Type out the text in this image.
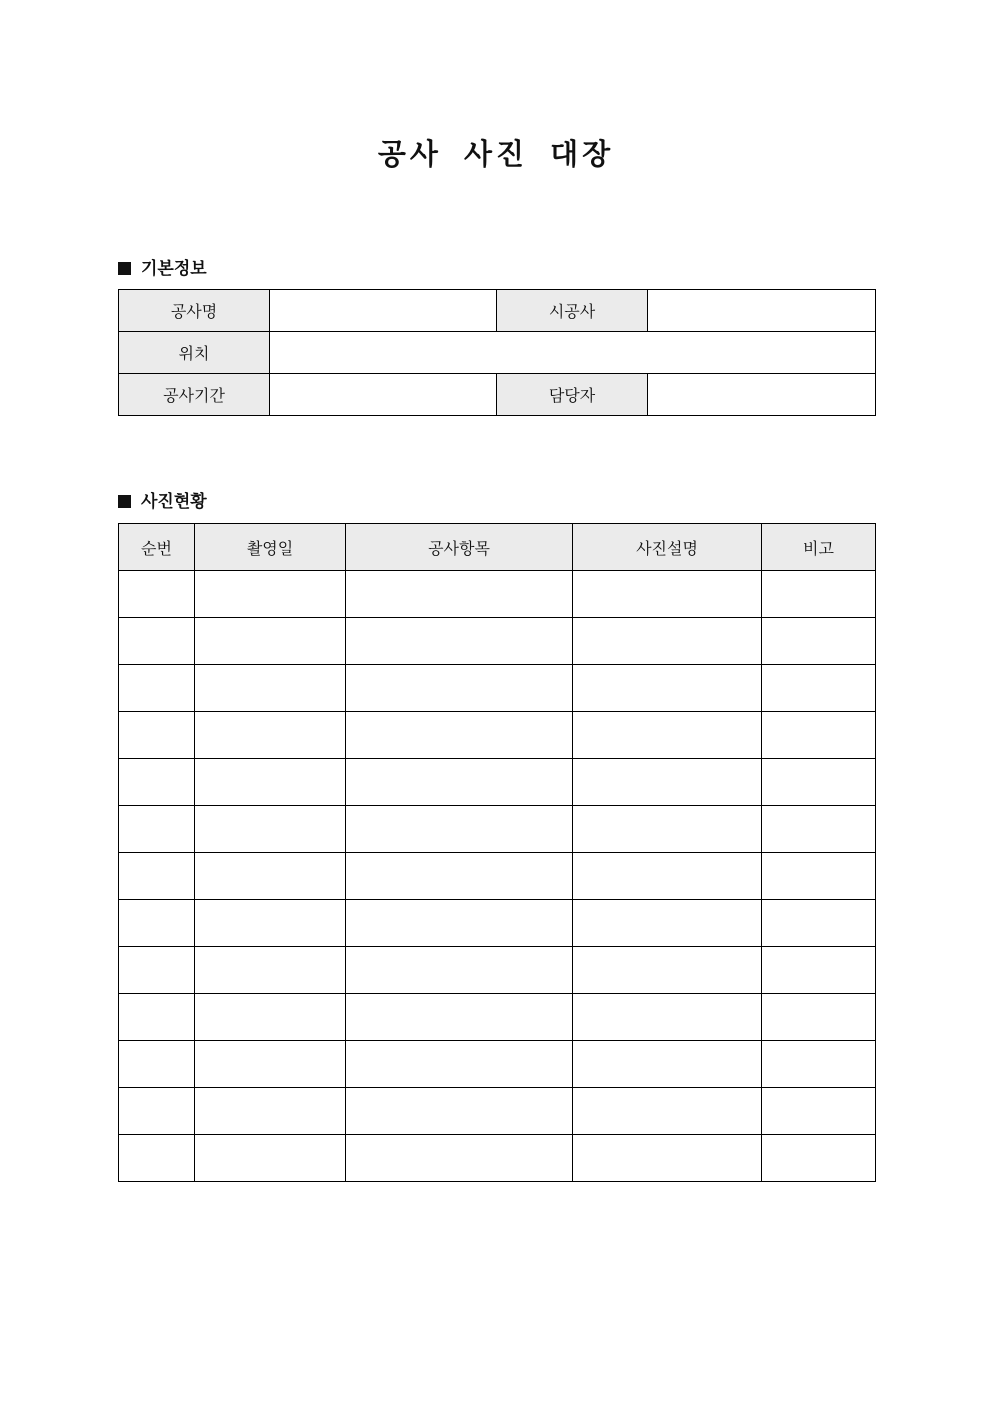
공사 사진 대장
기본정보
공사명		시공사	
위치			
공사기간		담당자	
사진현황
순번	촬영일	공사항목	사진설명	비고
